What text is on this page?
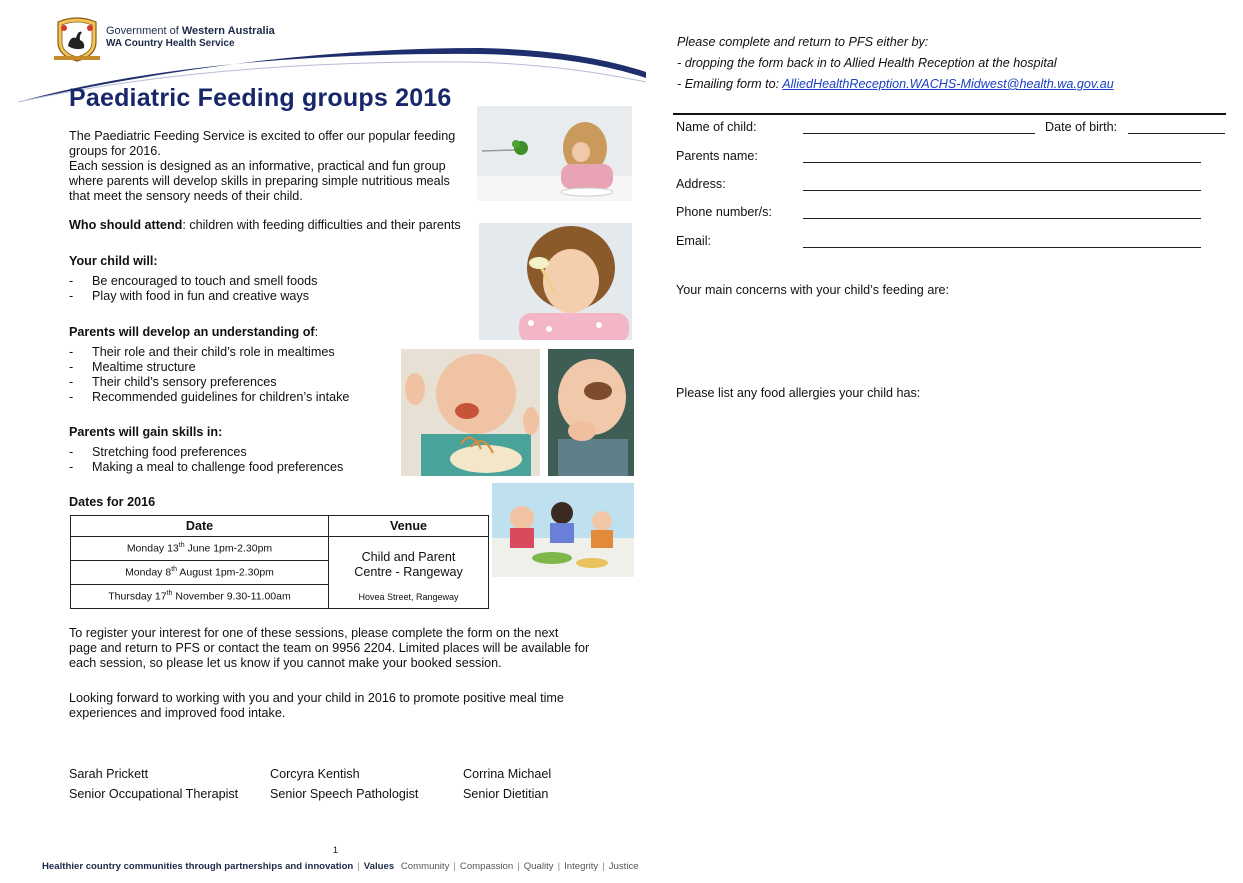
Government of Western Australia
WA Country Health Service
Paediatric Feeding groups 2016
The Paediatric Feeding Service is excited to offer our popular feeding
groups for 2016.
Each session is designed as an informative, practical and fun group
where parents will develop skills in preparing simple nutritious meals
that meet the sensory needs of their child.
Who should attend: children with feeding difficulties and their parents
Your child will:
- Be encouraged to touch and smell foods
- Play with food in fun and creative ways
Parents will develop an understanding of:
- Their role and their child’s role in mealtimes
- Mealtime structure
- Their child’s sensory preferences
- Recommended guidelines for children’s intake
Parents will gain skills in:
- Stretching food preferences
- Making a meal to challenge food preferences
Dates for 2016
Date	Venue
Monday 13th June 1pm-2.30pm	Child and Parent
Centre - Rangeway
Hovea Street, Rangeway

Monday 8th August 1pm-2.30pm	
Thursday 17th November 9.30-11.00am	
To register your interest for one of these sessions, please complete the form on the next
page and return to PFS or contact the team on 9956 2204. Limited places will be available for
each session, so please let us know if you cannot make your booked session.
Looking forward to working with you and your child in 2016 to promote positive meal time
experiences and improved food intake.
Sarah Prickett
Senior Occupational Therapist
Corcyra Kentish
Senior Speech Pathologist
Corrina Michael
Senior Dietitian
1
Healthier country communities through partnerships and innovation | Values Community | Compassion | Quality | Integrity | Justice
Please complete and return to PFS either by:
- dropping the form back in to Allied Health Reception at the hospital
- Emailing form to: AlliedHealthReception.WACHS-Midwest@health.wa.gov.au
Name of child:	Date of birth:
Parents name:
Address:
Phone number/s:
Email:
Your main concerns with your child’s feeding are:
Please list any food allergies your child has:
